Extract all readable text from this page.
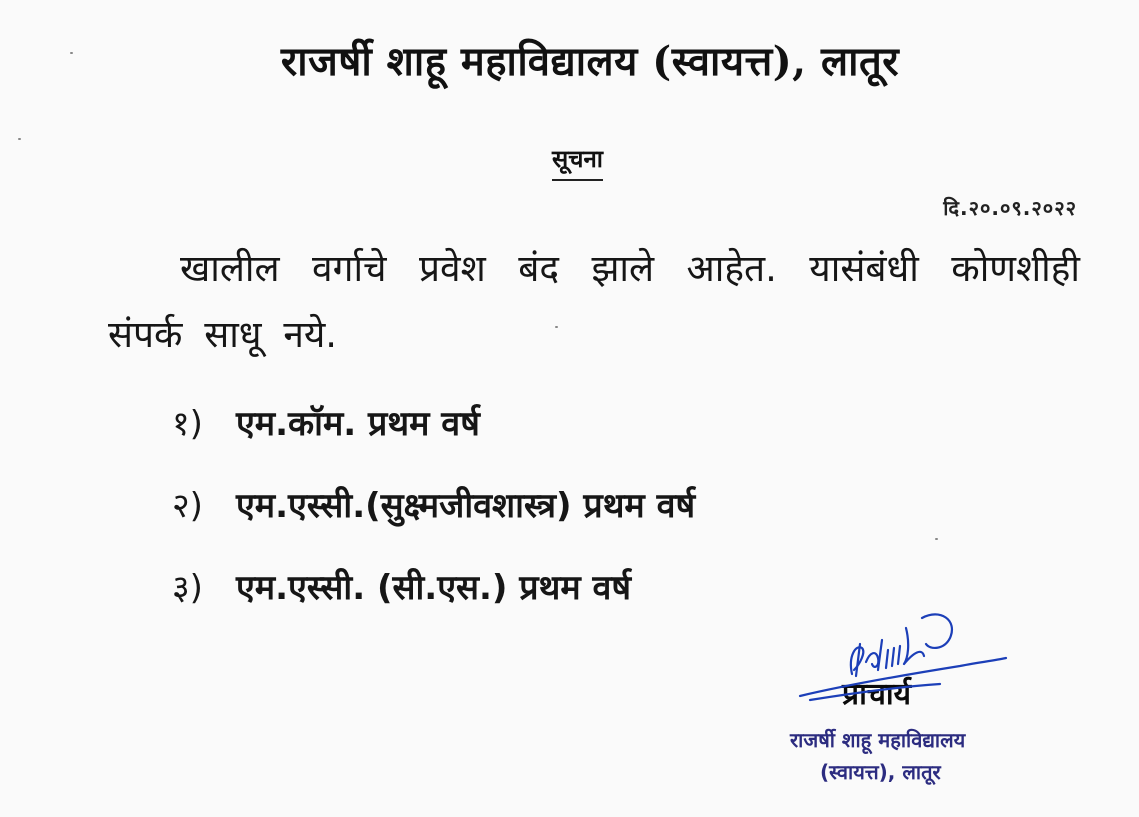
राजर्षी शाहू महाविद्यालय (स्वायत्त), लातूर
सूचना
दि.२०.०९.२०२२
खालील वर्गाचे प्रवेश बंद झाले आहेत. यासंबंधी कोणशीही संपर्क साधू नये.
१) एम.कॉम. प्रथम वर्ष
२) एम.एस्सी.(सुक्ष्मजीवशास्त्र) प्रथम वर्ष
३) एम.एस्सी. (सी.एस.) प्रथम वर्ष
प्राचार्य
राजर्षी शाहू महाविद्यालय
(स्वायत्त), लातूर
